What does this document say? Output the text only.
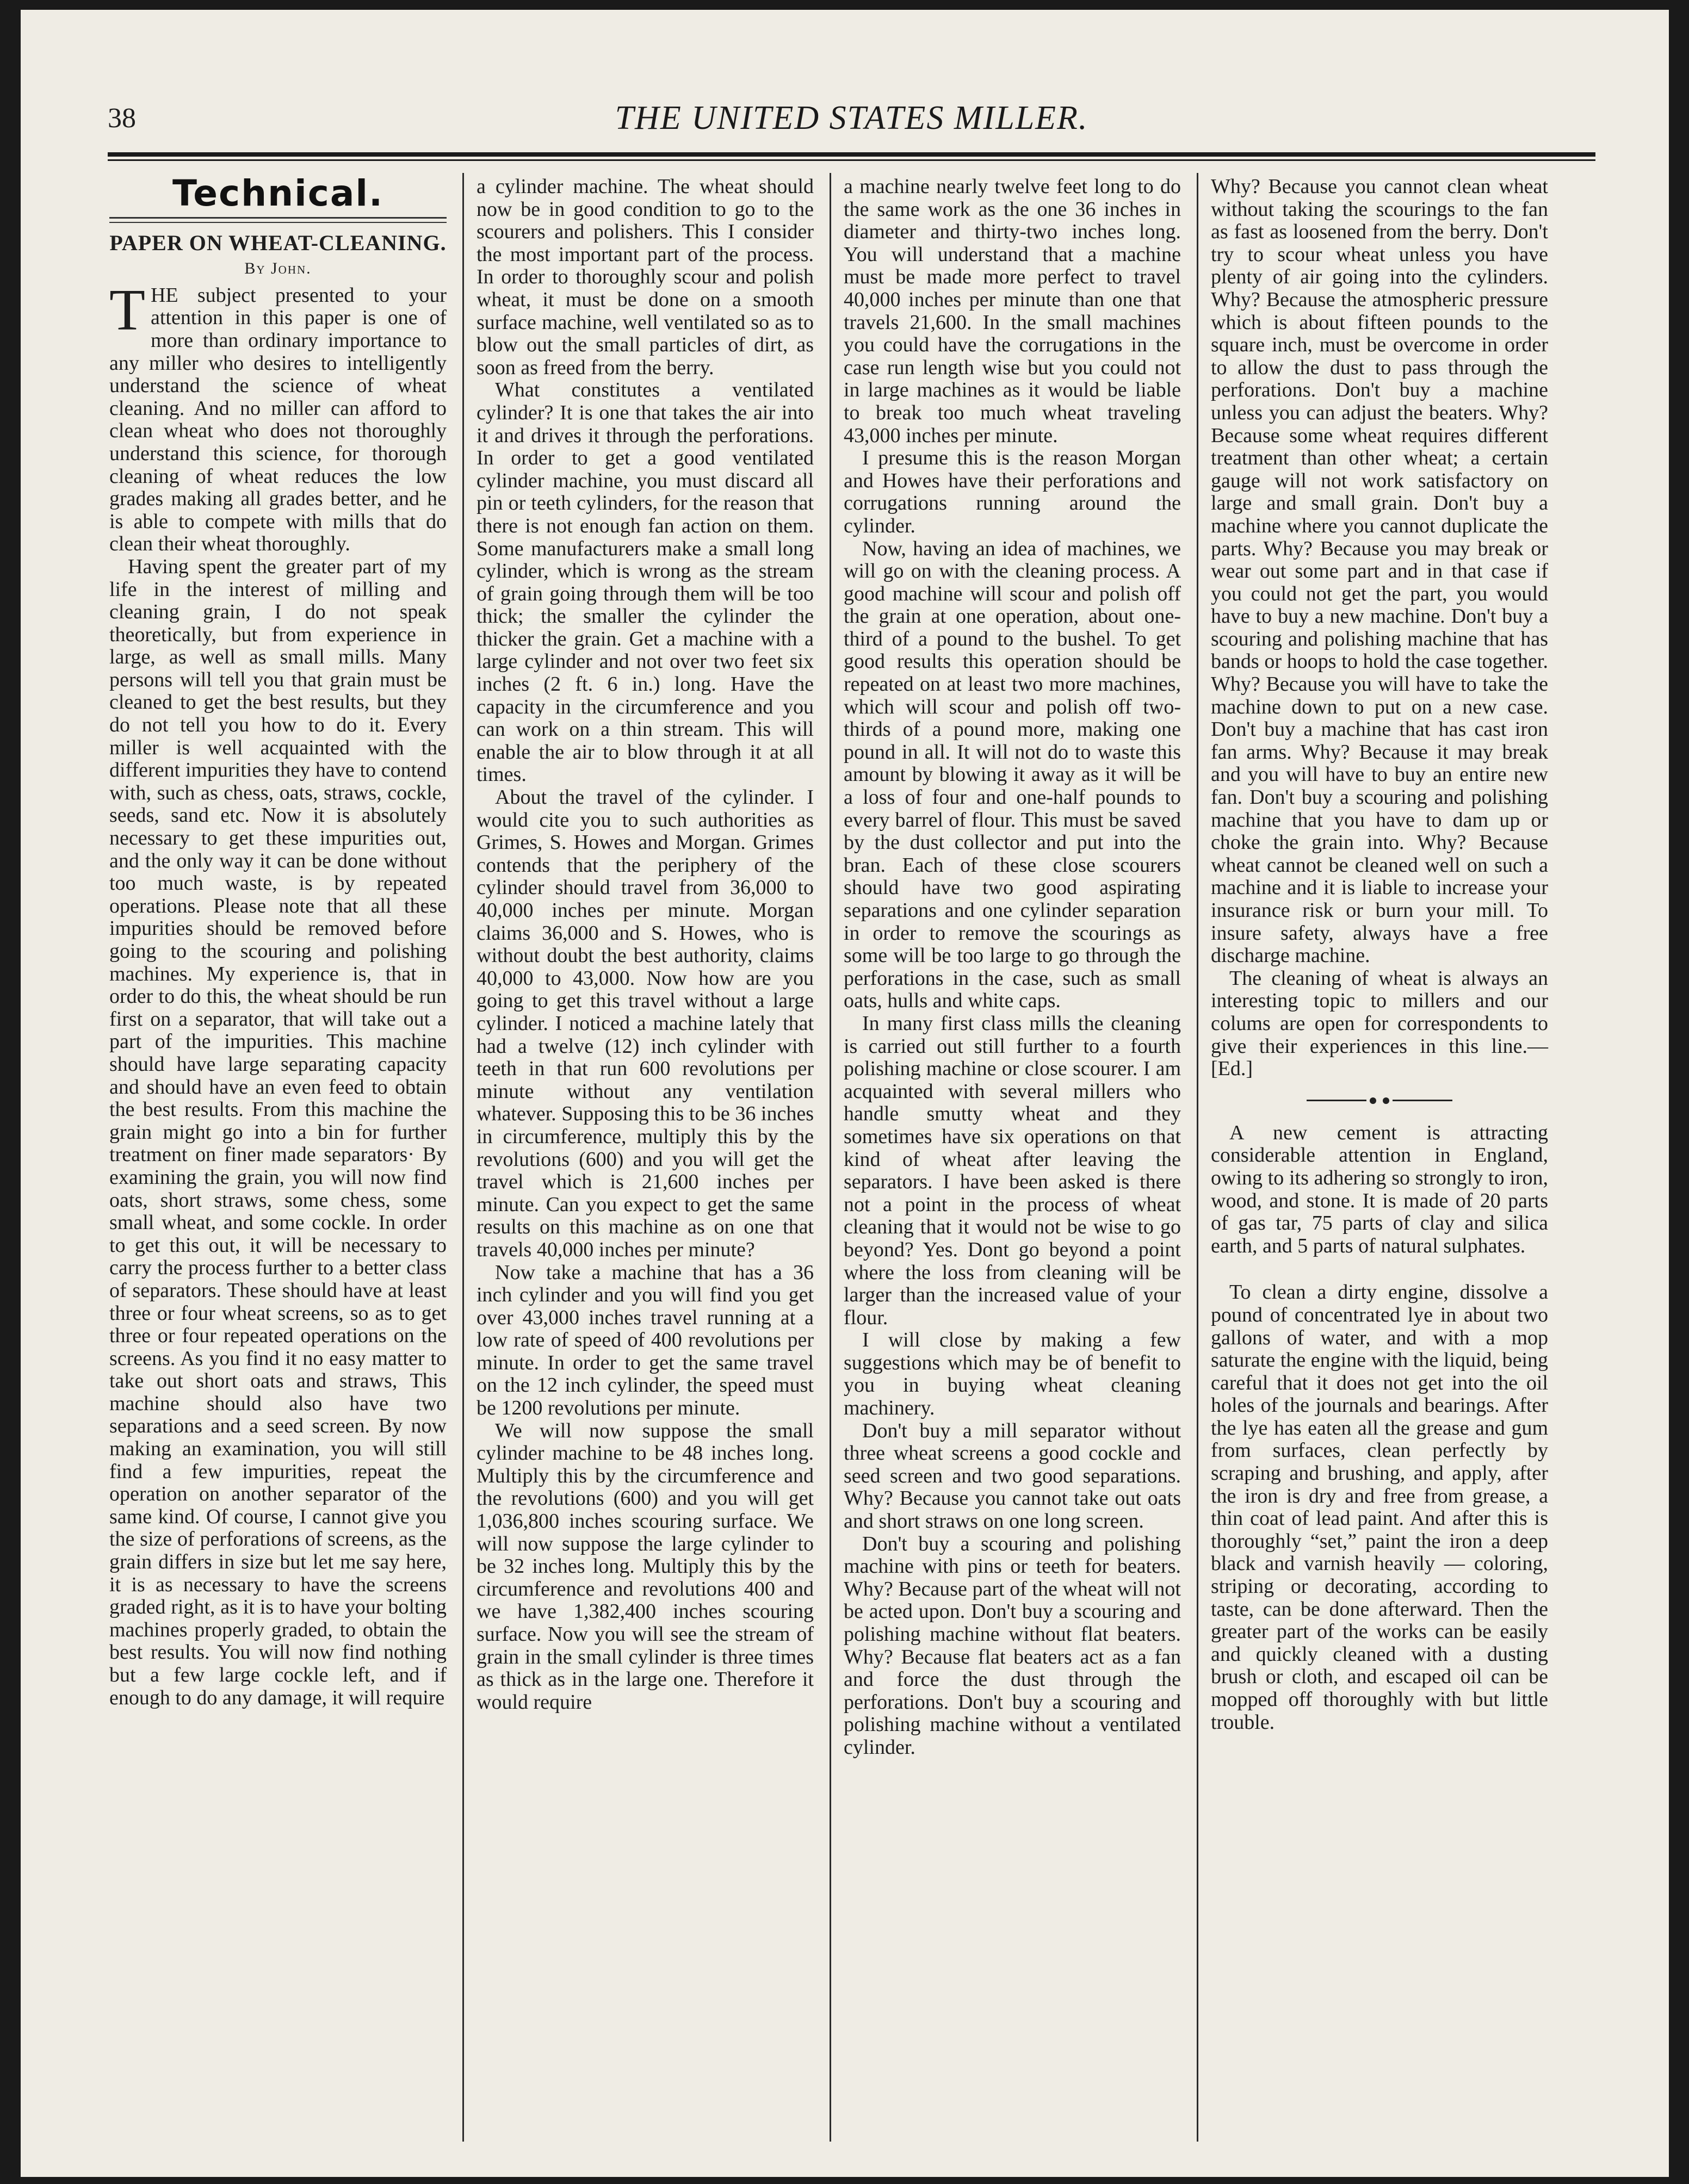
38	THE UNITED STATES MILLER.
Technical.
PAPER ON WHEAT-CLEANING.
By John.

THE subject presented to your attention in this paper is one of more than ordinary importance to any miller who desires to intelligently understand the science of wheat cleaning. And no miller can afford to clean wheat who does not thoroughly understand this science, for thorough cleaning of wheat reduces the low grades making all grades better, and he is able to compete with mills that do clean their wheat thoroughly.

Having spent the greater part of my life in the interest of milling and cleaning grain, I do not speak theoretically, but from experience in large, as well as small mills. Many persons will tell you that grain must be cleaned to get the best results, but they do not tell you how to do it. Every miller is well acquainted with the different impurities they have to contend with, such as chess, oats, straws, cockle, seeds, sand etc. Now it is absolutely necessary to get these impurities out, and the only way it can be done without too much waste, is by repeated operations. Please note that all these impurities should be removed before going to the scouring and polishing machines. My experience is, that in order to do this, the wheat should be run first on a separator, that will take out a part of the impurities. This machine should have large separating capacity and should have an even feed to obtain the best results. From this machine the grain might go into a bin for further treatment on finer made separators· By examining the grain, you will now find oats, short straws, some chess, some small wheat, and some cockle. In order to get this out, it will be necessary to carry the process further to a better class of separators. These should have at least three or four wheat screens, so as to get three or four repeated operations on the screens. As you find it no easy matter to take out short oats and straws, This machine should also have two separations and a seed screen. By now making an examination, you will still find a few impurities, repeat the operation on another separator of the same kind. Of course, I cannot give you the size of perforations of screens, as the grain differs in size but let me say here, it is as necessary to have the screens graded right, as it is to have your bolting machines properly graded, to obtain the best results. You will now find nothing but a few large cockle left, and if enough to do any damage, it will require

a cylinder machine. The wheat should now be in good condition to go to the scourers and polishers. This I consider the most important part of the process. In order to thoroughly scour and polish wheat, it must be done on a smooth surface machine, well ventilated so as to blow out the small particles of dirt, as soon as freed from the berry.

What constitutes a ventilated cylinder? It is one that takes the air into it and drives it through the perforations. In order to get a good ventilated cylinder machine, you must discard all pin or teeth cylinders, for the reason that there is not enough fan action on them. Some manufacturers make a small long cylinder, which is wrong as the stream of grain going through them will be too thick; the smaller the cylinder the thicker the grain. Get a machine with a large cylinder and not over two feet six inches (2 ft. 6 in.) long. Have the capacity in the circumference and you can work on a thin stream. This will enable the air to blow through it at all times.

About the travel of the cylinder. I would cite you to such authorities as Grimes, S. Howes and Morgan. Grimes contends that the periphery of the cylinder should travel from 36,000 to 40,000 inches per minute. Morgan claims 36,000 and S. Howes, who is without doubt the best authority, claims 40,000 to 43,000. Now how are you going to get this travel without a large cylinder. I noticed a machine lately that had a twelve (12) inch cylinder with teeth in that run 600 revolutions per minute without any ventilation whatever. Supposing this to be 36 inches in circumference, multiply this by the revolutions (600) and you will get the travel which is 21,600 inches per minute. Can you expect to get the same results on this machine as on one that travels 40,000 inches per minute?

Now take a machine that has a 36 inch cylinder and you will find you get over 43,000 inches travel running at a low rate of speed of 400 revolutions per minute. In order to get the same travel on the 12 inch cylinder, the speed must be 1200 revolutions per minute.

We will now suppose the small cylinder machine to be 48 inches long. Multiply this by the circumference and the revolutions (600) and you will get 1,036,800 inches scouring surface. We will now suppose the large cylinder to be 32 inches long. Multiply this by the circumference and revolutions 400 and we have 1,382,400 inches scouring surface. Now you will see the stream of grain in the small cylinder is three times as thick as in the large one. Therefore it would require

a machine nearly twelve feet long to do the same work as the one 36 inches in diameter and thirty-two inches long. You will understand that a machine must be made more perfect to travel 40,000 inches per minute than one that travels 21,600. In the small machines you could have the corrugations in the case run length wise but you could not in large machines as it would be liable to break too much wheat traveling 43,000 inches per minute.

I presume this is the reason Morgan and Howes have their perforations and corrugations running around the cylinder.

Now, having an idea of machines, we will go on with the cleaning process. A good machine will scour and polish off the grain at one operation, about one-third of a pound to the bushel. To get good results this operation should be repeated on at least two more machines, which will scour and polish off two-thirds of a pound more, making one pound in all. It will not do to waste this amount by blowing it away as it will be a loss of four and one-half pounds to every barrel of flour. This must be saved by the dust collector and put into the bran. Each of these close scourers should have two good aspirating separations and one cylinder separation in order to remove the scourings as some will be too large to go through the perforations in the case, such as small oats, hulls and white caps.

In many first class mills the cleaning is carried out still further to a fourth polishing machine or close scourer. I am acquainted with several millers who handle smutty wheat and they sometimes have six operations on that kind of wheat after leaving the separators. I have been asked is there not a point in the process of wheat cleaning that it would not be wise to go beyond? Yes. Dont go beyond a point where the loss from cleaning will be larger than the increased value of your flour.

I will close by making a few suggestions which may be of benefit to you in buying wheat cleaning machinery.

Don't buy a mill separator without three wheat screens a good cockle and seed screen and two good separations. Why? Because you cannot take out oats and short straws on one long screen.

Don't buy a scouring and polishing machine with pins or teeth for beaters. Why? Because part of the wheat will not be acted upon. Don't buy a scouring and polishing machine without flat beaters. Why? Because flat beaters act as a fan and force the dust through the perforations. Don't buy a scouring and polishing machine without a ventilated cylinder.

Why? Because you cannot clean wheat without taking the scourings to the fan as fast as loosened from the berry. Don't try to scour wheat unless you have plenty of air going into the cylinders. Why? Because the atmospheric pressure which is about fifteen pounds to the square inch, must be overcome in order to allow the dust to pass through the perforations. Don't buy a machine unless you can adjust the beaters. Why? Because some wheat requires different treatment than other wheat; a certain gauge will not work satisfactory on large and small grain. Don't buy a machine where you cannot duplicate the parts. Why? Because you may break or wear out some part and in that case if you could not get the part, you would have to buy a new machine. Don't buy a scouring and polishing machine that has bands or hoops to hold the case together. Why? Because you will have to take the machine down to put on a new case. Don't buy a machine that has cast iron fan arms. Why? Because it may break and you will have to buy an entire new fan. Don't buy a scouring and polishing machine that you have to dam up or choke the grain into. Why? Because wheat cannot be cleaned well on such a machine and it is liable to increase your insurance risk or burn your mill. To insure safety, always have a free discharge machine.

The cleaning of wheat is always an interesting topic to millers and our colums are open for correspondents to give their experiences in this line.—[Ed.]

A new cement is attracting considerable attention in England, owing to its adhering so strongly to iron, wood, and stone. It is made of 20 parts of gas tar, 75 parts of clay and silica earth, and 5 parts of natural sulphates.

To clean a dirty engine, dissolve a pound of concentrated lye in about two gallons of water, and with a mop saturate the engine with the liquid, being careful that it does not get into the oil holes of the journals and bearings. After the lye has eaten all the grease and gum from surfaces, clean perfectly by scraping and brushing, and apply, after the iron is dry and free from grease, a thin coat of lead paint. And after this is thoroughly “set,” paint the iron a deep black and varnish heavily — coloring, striping or decorating, according to taste, can be done afterward. Then the greater part of the works can be easily and quickly cleaned with a dusting brush or cloth, and escaped oil can be mopped off thoroughly with but little trouble.
